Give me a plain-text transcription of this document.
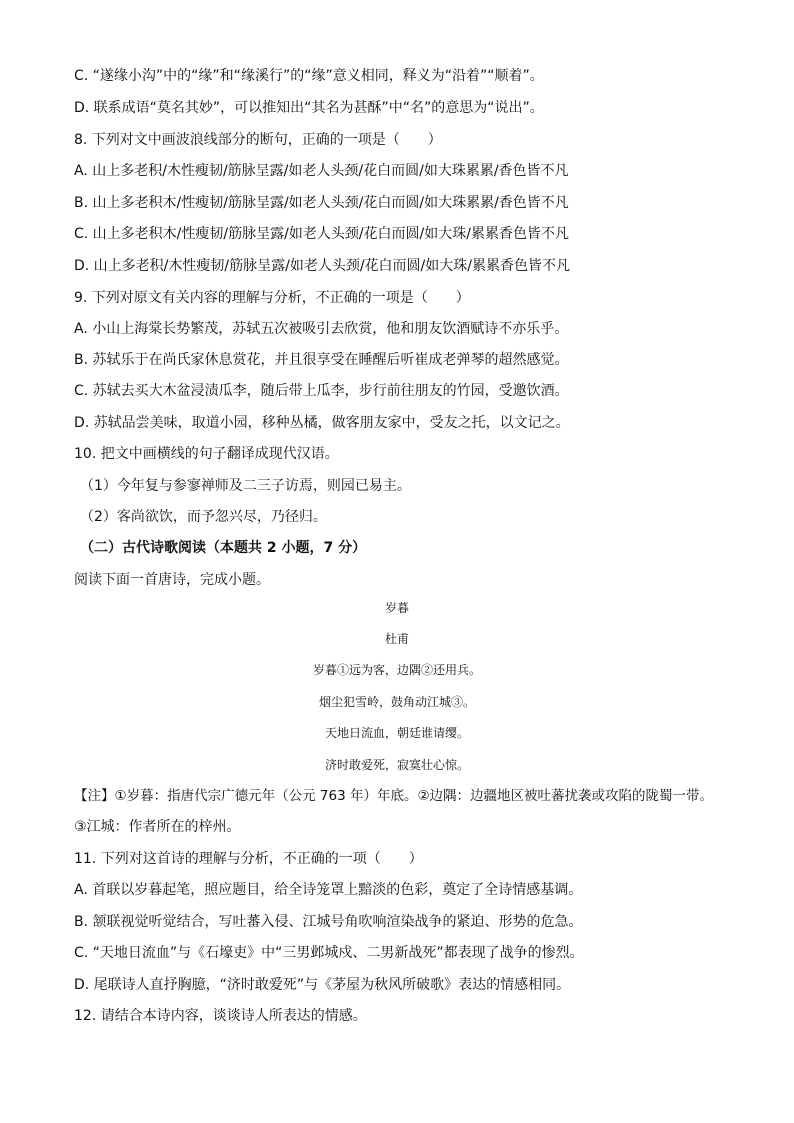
C. “遂缘小沟”中的“缘”和“缘溪行”的“缘”意义相同，释义为“沿着”“顺着”。
D. 联系成语“莫名其妙”，可以推知出“其名为甚酥”中“名”的意思为“说出”。
8. 下列对文中画波浪线部分的断句，正确的一项是（　　）
A. 山上多老积/木性瘦韧/筋脉呈露/如老人头颈/花白而圆/如大珠累累/香色皆不凡
B. 山上多老积木/性瘦韧/筋脉呈露/如老人头颈/花白而圆/如大珠累累/香色皆不凡
C. 山上多老积木/性瘦韧/筋脉呈露/如老人头颈/花白而圆/如大珠/累累香色皆不凡
D. 山上多老积/木性瘦韧/筋脉呈露/如老人头颈/花白而圆/如大珠/累累香色皆不凡
9. 下列对原文有关内容的理解与分析，不正确的一项是（　　）
A. 小山上海棠长势繁茂，苏轼五次被吸引去欣赏，他和朋友饮酒赋诗不亦乐乎。
B. 苏轼乐于在尚氏家休息赏花，并且很享受在睡醒后听崔成老弹琴的超然感觉。
C. 苏轼去买大木盆浸渍瓜李，随后带上瓜李，步行前往朋友的竹园，受邀饮酒。
D. 苏轼品尝美味，取道小园，移种丛橘，做客朋友家中，受友之托，以文记之。
10. 把文中画横线的句子翻译成现代汉语。
（1）今年复与参寥禅师及二三子访焉，则园已易主。
（2）客尚欲饮，而予忽兴尽，乃径归。
（二）古代诗歌阅读（本题共 2 小题，7 分）
阅读下面一首唐诗，完成小题。
岁暮
杜甫
岁暮①远为客，边隅②还用兵。
烟尘犯雪岭，鼓角动江城③。
天地日流血，朝廷谁请缨。
济时敢爱死，寂寞壮心惊。
【注】①岁暮：指唐代宗广德元年（公元 763 年）年底。②边隅：边疆地区被吐蕃扰袭或攻陷的陇蜀一带。
③江城：作者所在的梓州。
11. 下列对这首诗的理解与分析，不正确的一项（　　）
A. 首联以岁暮起笔，照应题目，给全诗笼罩上黯淡的色彩，奠定了全诗情感基调。
B. 颔联视觉听觉结合，写吐蕃入侵、江城号角吹响渲染战争的紧迫、形势的危急。
C. “天地日流血”与《石壕吏》中“三男邺城戍、二男新战死”都表现了战争的惨烈。
D. 尾联诗人直抒胸臆，“济时敢爱死”与《茅屋为秋风所破歌》表达的情感相同。
12. 请结合本诗内容，谈谈诗人所表达的情感。
